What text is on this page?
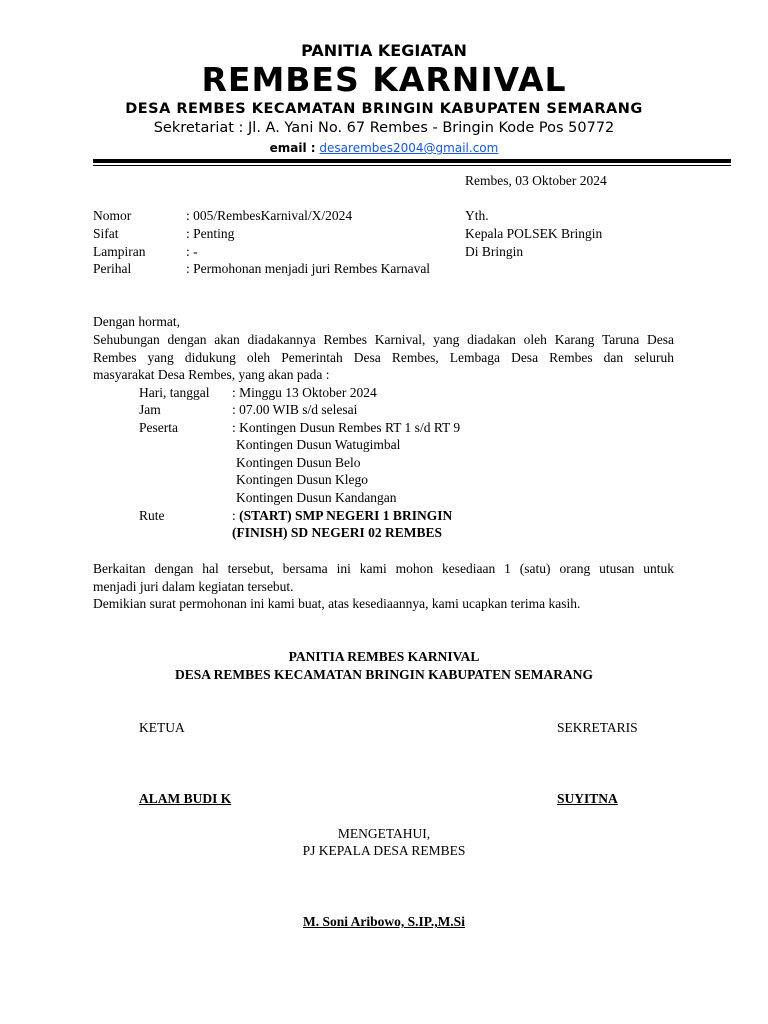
PANITIA KEGIATAN
REMBES KARNIVAL
DESA REMBES KECAMATAN BRINGIN KABUPATEN SEMARANG
Sekretariat : Jl. A. Yani No. 67 Rembes - Bringin Kode Pos 50772
email : desarembes2004@gmail.com
Rembes, 03 Oktober 2024
Nomor	: 005/RembesKarnival/X/2024
Sifat	: Penting
Lampiran	: -
Perihal	: Permohonan menjadi juri Rembes Karnaval
Yth.
Kepala POLSEK Bringin
Di Bringin
Dengan hormat,
Sehubungan dengan akan diadakannya Rembes Karnival, yang diadakan oleh Karang Taruna Desa
Rembes yang didukung oleh Pemerintah Desa Rembes, Lembaga Desa Rembes dan seluruh
masyarakat Desa Rembes, yang akan pada :
Hari, tanggal : Minggu 13 Oktober 2024
Jam	: 07.00 WIB s/d selesai
Peserta	: Kontingen Dusun Rembes RT 1 s/d RT 9
Kontingen Dusun Watugimbal
Kontingen Dusun Belo
Kontingen Dusun Klego
Kontingen Dusun Kandangan
Rute	: (START) SMP NEGERI 1 BRINGIN
(FINISH) SD NEGERI 02 REMBES
Berkaitan dengan hal tersebut, bersama ini kami mohon kesediaan 1 (satu) orang utusan untuk
menjadi juri dalam kegiatan tersebut.
Demikian surat permohonan ini kami buat, atas kesediaannya, kami ucapkan terima kasih.
PANITIA REMBES KARNIVAL
DESA REMBES KECAMATAN BRINGIN KABUPATEN SEMARANG
KETUA	SEKRETARIS
ALAM BUDI K	SUYITNA
MENGETAHUI,
PJ KEPALA DESA REMBES
M. Soni Aribowo, S.IP.,M.Si
